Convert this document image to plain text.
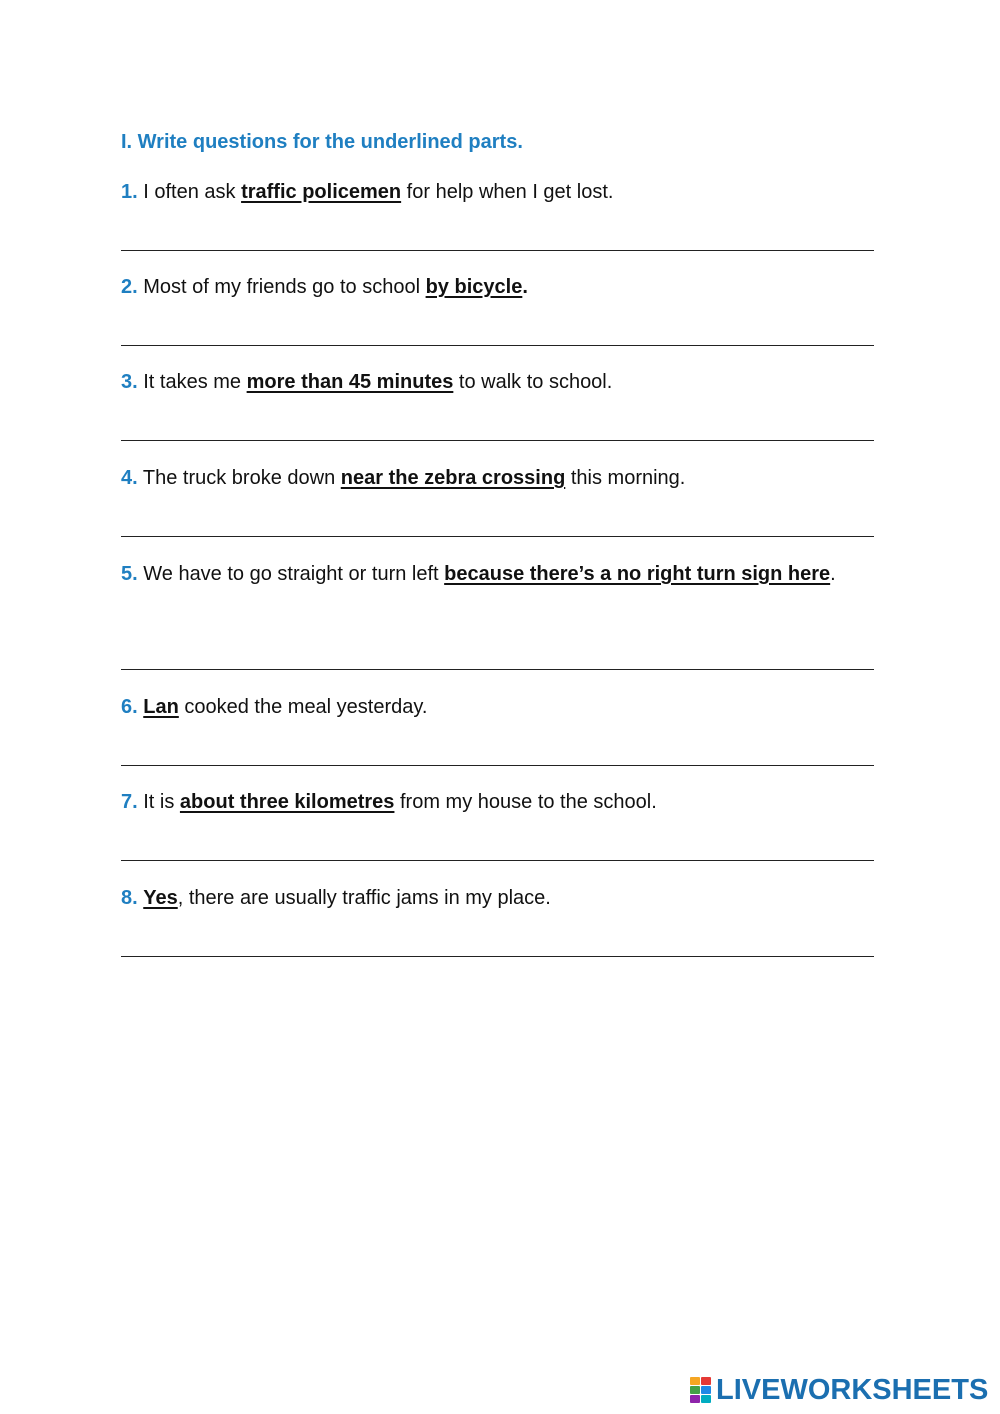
I. Write questions for the underlined parts.
1. I often ask traffic policemen for help when I get lost.
2. Most of my friends go to school by bicycle.
3. It takes me more than 45 minutes to walk to school.
4. The truck broke down near the zebra crossing this morning.
5. We have to go straight or turn left because there’s a no right turn sign here.
6. Lan cooked the meal yesterday.
7. It is about three kilometres from my house to the school.
8. Yes, there are usually traffic jams in my place.
LIVEWORKSHEETS
